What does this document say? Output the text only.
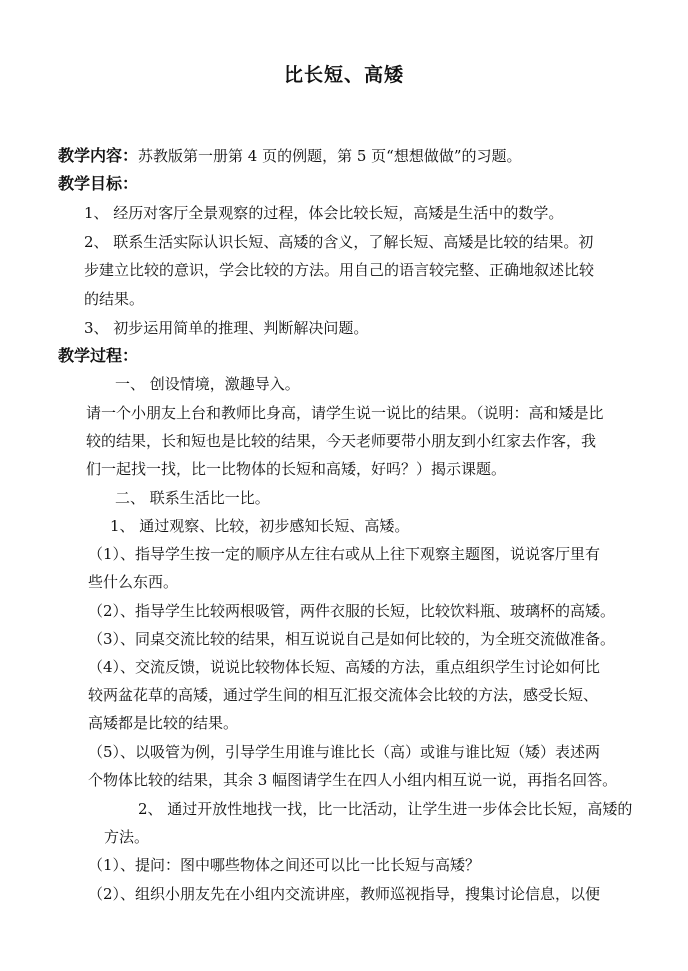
比长短、高矮
教学内容：苏教版第一册第 4 页的例题，第 5 页“想想做做”的习题。
教学目标：
1、 经历对客厅全景观察的过程，体会比较长短，高矮是生活中的数学。
2、 联系生活实际认识长短、高矮的含义，了解长短、高矮是比较的结果。初
步建立比较的意识，学会比较的方法。用自己的语言较完整、正确地叙述比较
的结果。
3、 初步运用简单的推理、判断解决问题。
教学过程：
一、 创设情境，激趣导入。
请一个小朋友上台和教师比身高，请学生说一说比的结果。（说明：高和矮是比
较的结果，长和短也是比较的结果，今天老师要带小朋友到小红家去作客，我
们一起找一找，比一比物体的长短和高矮，好吗？）揭示课题。
二、 联系生活比一比。
1、 通过观察、比较，初步感知长短、高矮。
（1）、指导学生按一定的顺序从左往右或从上往下观察主题图，说说客厅里有
些什么东西。
（2）、指导学生比较两根吸管，两件衣服的长短，比较饮料瓶、玻璃杯的高矮。
（3）、同桌交流比较的结果，相互说说自己是如何比较的，为全班交流做准备。
（4）、交流反馈，说说比较物体长短、高矮的方法，重点组织学生讨论如何比
较两盆花草的高矮，通过学生间的相互汇报交流体会比较的方法，感受长短、
高矮都是比较的结果。
（5）、以吸管为例，引导学生用谁与谁比长（高）或谁与谁比短（矮）表述两
个物体比较的结果，其余 3 幅图请学生在四人小组内相互说一说，再指名回答。
2、 通过开放性地找一找，比一比活动，让学生进一步体会比长短，高矮的
方法。
（1）、提问：图中哪些物体之间还可以比一比长短与高矮？
（2）、组织小朋友先在小组内交流讲座，教师巡视指导，搜集讨论信息，以便
